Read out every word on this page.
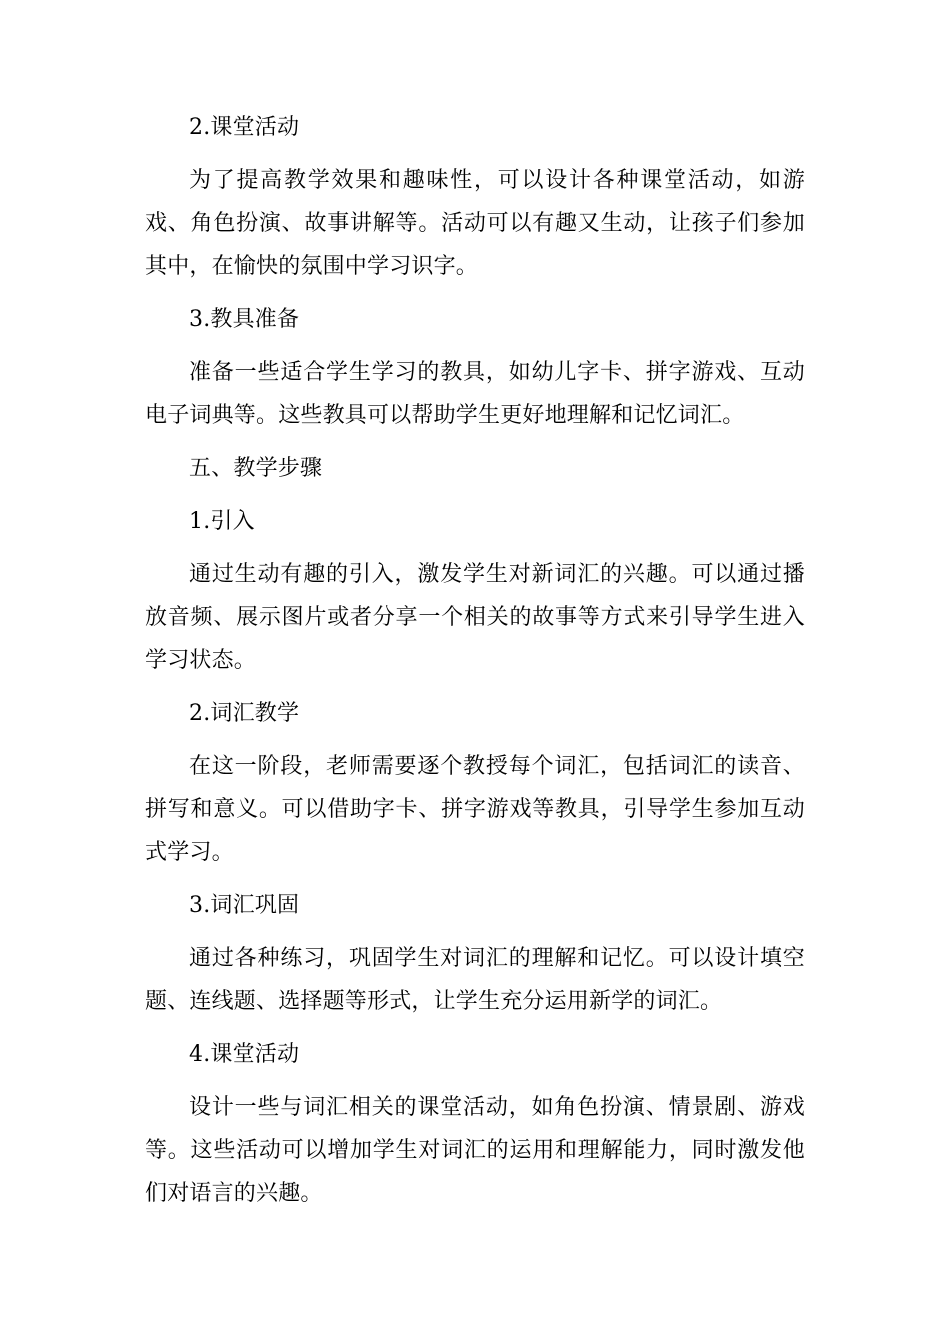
2.课堂活动

为了提高教学效果和趣味性，可以设计各种课堂活动，如游戏、角色扮演、故事讲解等。活动可以有趣又生动，让孩子们参加其中，在愉快的氛围中学习识字。

3.教具准备

准备一些适合学生学习的教具，如幼儿字卡、拼字游戏、互动电子词典等。这些教具可以帮助学生更好地理解和记忆词汇。

五、教学步骤

1.引入

通过生动有趣的引入，激发学生对新词汇的兴趣。可以通过播放音频、展示图片或者分享一个相关的故事等方式来引导学生进入学习状态。

2.词汇教学

在这一阶段，老师需要逐个教授每个词汇，包括词汇的读音、拼写和意义。可以借助字卡、拼字游戏等教具，引导学生参加互动式学习。

3.词汇巩固

通过各种练习，巩固学生对词汇的理解和记忆。可以设计填空题、连线题、选择题等形式，让学生充分运用新学的词汇。

4.课堂活动

设计一些与词汇相关的课堂活动，如角色扮演、情景剧、游戏等。这些活动可以增加学生对词汇的运用和理解能力，同时激发他们对语言的兴趣。
